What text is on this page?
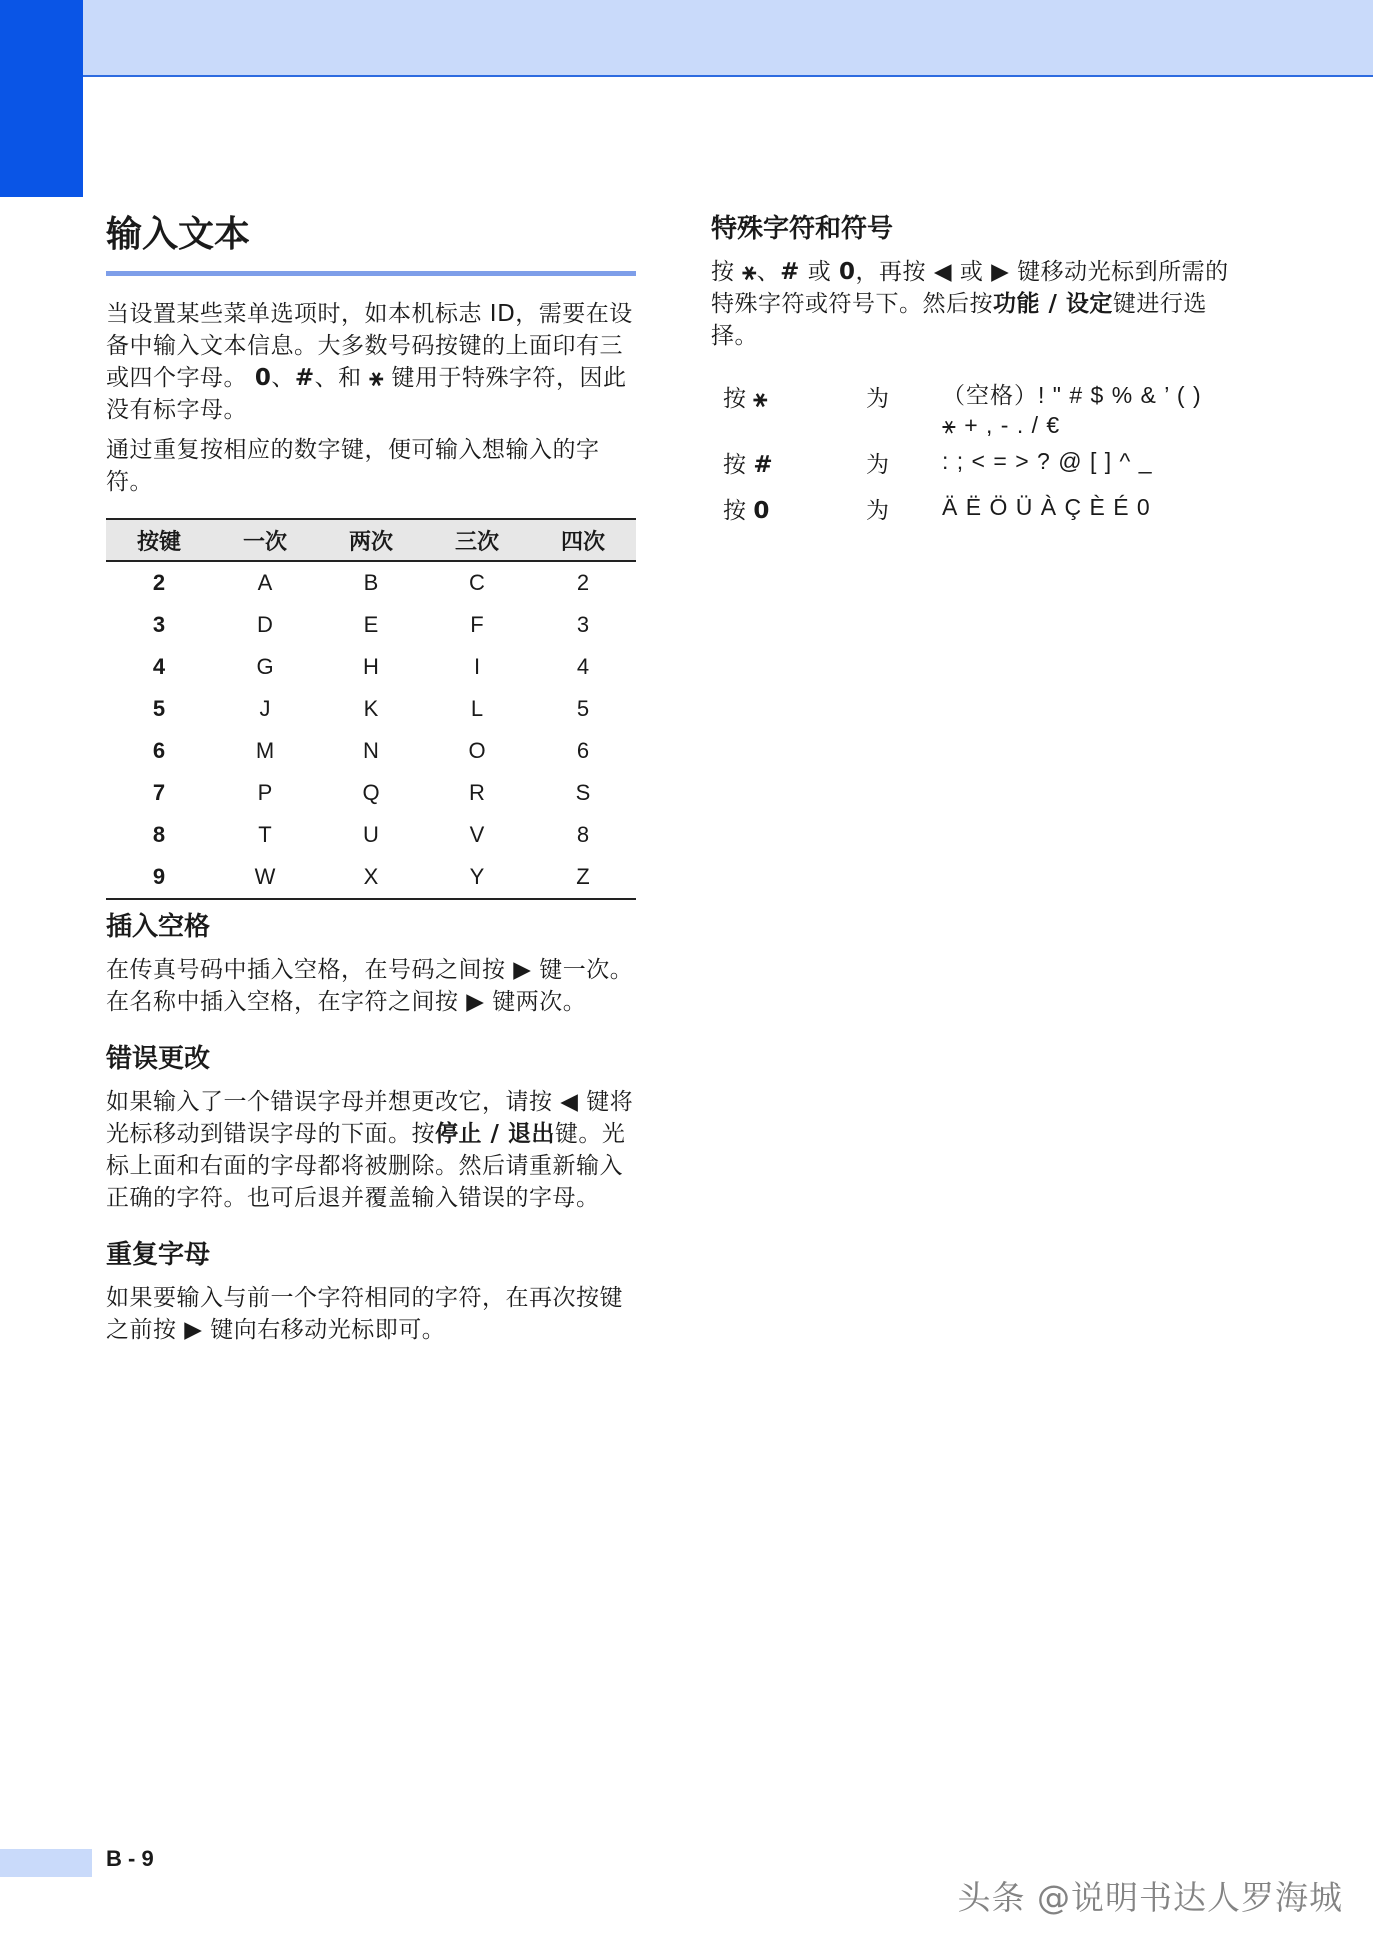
输入文本

当设置某些菜单选项时，如本机标志 ID，需要在设备中输入文本信息。大多数号码按键的上面印有三或四个字母。 0、#、和 ⚹ 键用于特殊字符，因此没有标字母。

通过重复按相应的数字键，便可输入想输入的字符。

按键	一次	两次	三次	四次
2	A	B	C	2
3	D	E	F	3
4	G	H	I	4
5	J	K	L	5
6	M	N	O	6
7	P	Q	R	S
8	T	U	V	8
9	W	X	Y	Z
插入空格

在传真号码中插入空格，在号码之间按 ▶ 键一次。在名称中插入空格，在字符之间按 ▶ 键两次。

错误更改

如果输入了一个错误字母并想更改它，请按 ◀ 键将光标移动到错误字母的下面。按停止 / 退出键。光标上面和右面的字母都将被删除。然后请重新输入正确的字符。也可后退并覆盖输入错误的字母。

重复字母

如果要输入与前一个字符相同的字符，在再次按键之前按 ▶ 键向右移动光标即可。

特殊字符和符号

按 ⚹、# 或 0，再按 ◀ 或 ▶ 键移动光标到所需的特殊字符或符号下。然后按功能 / 设定键进行选择。

按 ⚹	为	（空格）! " # $ % & ’ ( )
⚹ + , - . / €
按 #	为	: ; < = > ? @ [ ] ^ _
按 0	为	Ä Ë Ö Ü À Ç È É 0
B - 9
头条 @说明书达人罗海城
